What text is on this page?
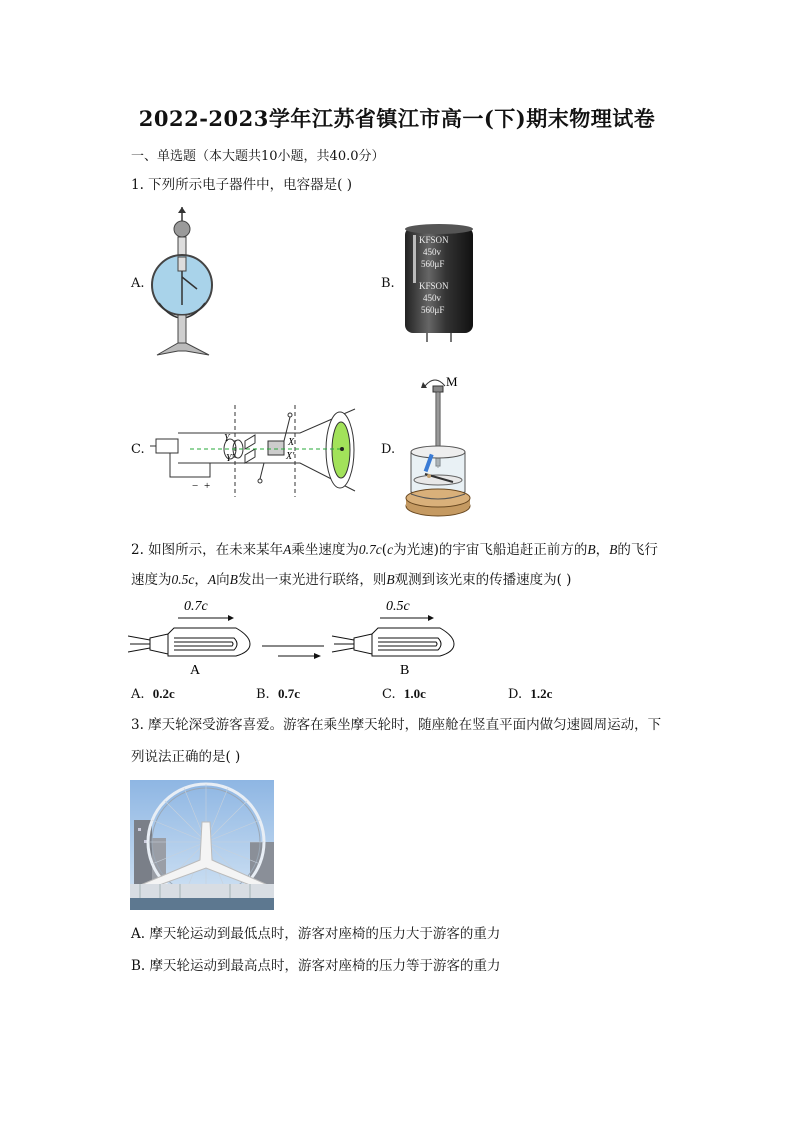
2022-2023学年江苏省镇江市高一(下)期末物理试卷
一、单选题（本大题共10小题，共40.0分）
1. 下列所示电子器件中，电容器是( )
A.	B.
KFSON
450v
560μF
KFSON
450v
560μF
C.
Y
Y'
X
X'
− +
D.
M
2. 如图所示，在未来某年A乘坐速度为0.7c(c为光速)的宇宙飞船追赶正前方的B，B的飞行
速度为0.5c，A向B发出一束光进行联络，则B观测到该光束的传播速度为( )
0.7c
A
0.5c
B
A. 0.2c	B. 0.7c	C. 1.0c	D. 1.2c
3. 摩天轮深受游客喜爱。游客在乘坐摩天轮时，随座舱在竖直平面内做匀速圆周运动，下
列说法正确的是( )
A. 摩天轮运动到最低点时，游客对座椅的压力大于游客的重力
B. 摩天轮运动到最高点时，游客对座椅的压力等于游客的重力
